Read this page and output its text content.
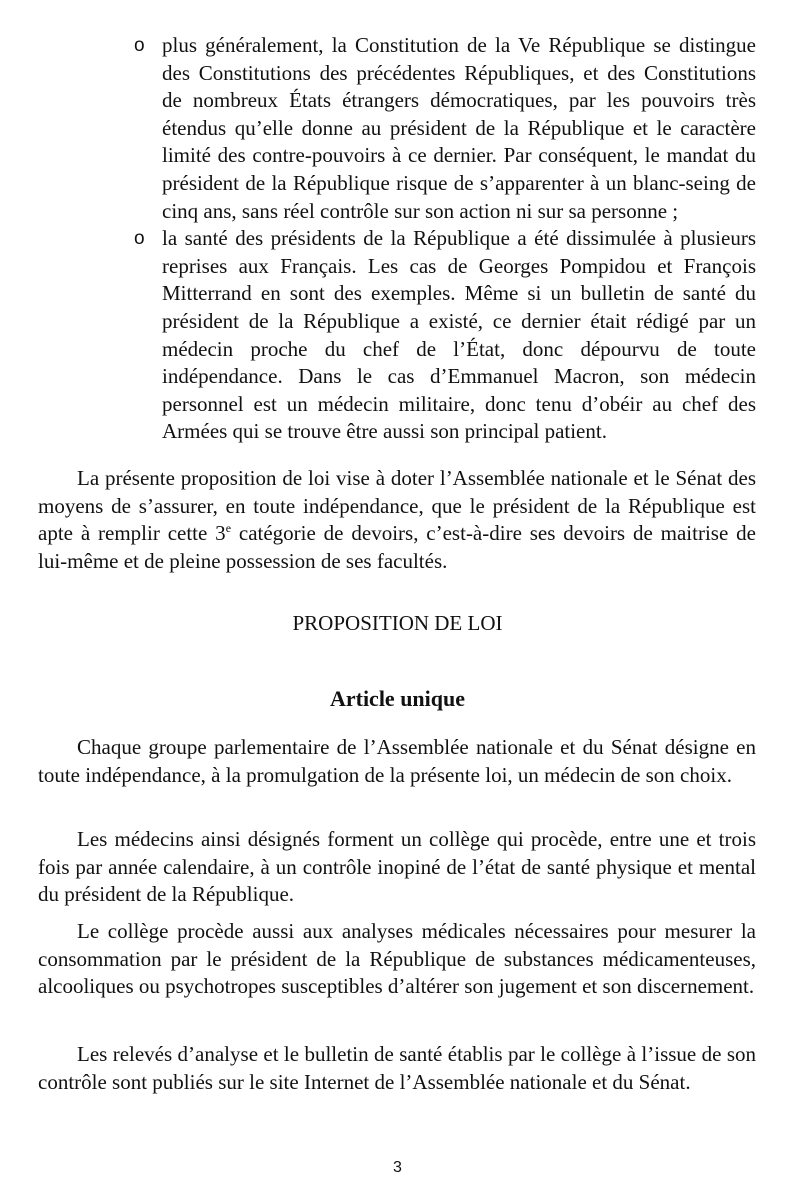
o plus généralement, la Constitution de la Ve République se distingue des Constitutions des précédentes Républiques, et des Constitutions de nombreux États étrangers démocratiques, par les pouvoirs très étendus qu’elle donne au président de la République et le caractère limité des contre-pouvoirs à ce dernier. Par conséquent, le mandat du président de la République risque de s’apparenter à un blanc-seing de cinq ans, sans réel contrôle sur son action ni sur sa personne ;
o la santé des présidents de la République a été dissimulée à plusieurs reprises aux Français. Les cas de Georges Pompidou et François Mitterrand en sont des exemples. Même si un bulletin de santé du président de la République a existé, ce dernier était rédigé par un médecin proche du chef de l’État, donc dépourvu de toute indépendance. Dans le cas d’Emmanuel Macron, son médecin personnel est un médecin militaire, donc tenu d’obéir au chef des Armées qui se trouve être aussi son principal patient.

La présente proposition de loi vise à doter l’Assemblée nationale et le Sénat des moyens de s’assurer, en toute indépendance, que le président de la République est apte à remplir cette 3e catégorie de devoirs, c’est-à-dire ses devoirs de maitrise de lui-même et de pleine possession de ses facultés.

PROPOSITION DE LOI
Article unique

Chaque groupe parlementaire de l’Assemblée nationale et du Sénat désigne en toute indépendance, à la promulgation de la présente loi, un médecin de son choix.

Les médecins ainsi désignés forment un collège qui procède, entre une et trois fois par année calendaire, à un contrôle inopiné de l’état de santé physique et mental du président de la République.

Le collège procède aussi aux analyses médicales nécessaires pour mesurer la consommation par le président de la République de substances médicamenteuses, alcooliques ou psychotropes susceptibles d’altérer son jugement et son discernement.

Les relevés d’analyse et le bulletin de santé établis par le collège à l’issue de son contrôle sont publiés sur le site Internet de l’Assemblée nationale et du Sénat.

3
